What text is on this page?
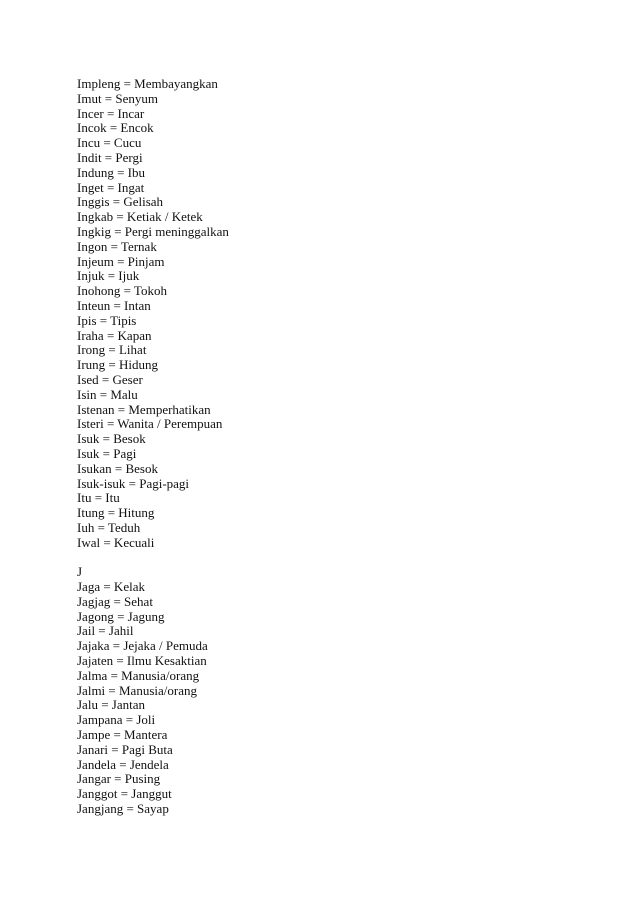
Impleng = Membayangkan
Imut = Senyum
Incer = Incar
Incok = Encok
Incu = Cucu
Indit = Pergi
Indung = Ibu
Inget = Ingat
Inggis = Gelisah
Ingkab = Ketiak / Ketek
Ingkig = Pergi meninggalkan
Ingon = Ternak
Injeum = Pinjam
Injuk = Ijuk
Inohong = Tokoh
Inteun = Intan
Ipis = Tipis
Iraha = Kapan
Irong = Lihat
Irung = Hidung
Ised = Geser
Isin = Malu
Istenan = Memperhatikan
Isteri = Wanita / Perempuan
Isuk = Besok
Isuk = Pagi
Isukan = Besok
Isuk-isuk = Pagi-pagi
Itu = Itu
Itung = Hitung
Iuh = Teduh
Iwal = Kecuali
J
Jaga = Kelak
Jagjag = Sehat
Jagong = Jagung
Jail = Jahil
Jajaka = Jejaka / Pemuda
Jajaten = Ilmu Kesaktian
Jalma = Manusia/orang
Jalmi = Manusia/orang
Jalu = Jantan
Jampana = Joli
Jampe = Mantera
Janari = Pagi Buta
Jandela = Jendela
Jangar = Pusing
Janggot = Janggut
Jangjang = Sayap
